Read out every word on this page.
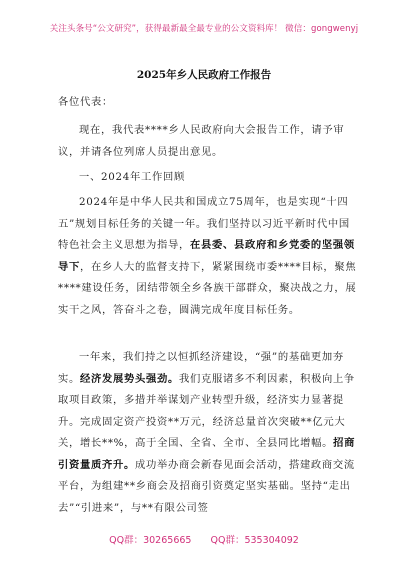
关注头条号“公文研究”，获得最新最全最专业的公文资料库！ 微信：gongwenyj
2025年乡人民政府工作报告
各位代表：
现在，我代表****乡人民政府向大会报告工作，请予审议，并请各位列席人员提出意见。
一、2024年工作回顾
2024年是中华人民共和国成立75周年，也是实现“十四五”规划目标任务的关键一年。我们坚持以习近平新时代中国特色社会主义思想为指导，在县委、县政府和乡党委的坚强领导下，在乡人大的监督支持下，紧紧围绕市委****目标，聚焦****建设任务，团结带领全乡各族干部群众，聚决战之力，展实干之风，答奋斗之卷，圆满完成年度目标任务。
一年来，我们持之以恒抓经济建设，“强”的基础更加夯实。经济发展势头强劲。我们克服诸多不利因素，积极向上争取项目政策，多措并举谋划产业转型升级，经济实力显著提升。完成固定资产投资**万元，经济总量首次突破**亿元大关，增长**%，高于全国、全省、全市、全县同比增幅。招商引资量质齐升。成功举办商会新春见面会活动，搭建政商交流平台，为组建**乡商会及招商引资奠定坚实基础。坚持“走出去”“引进来”，与**有限公司签
QQ群：30265665 QQ群：535304092
